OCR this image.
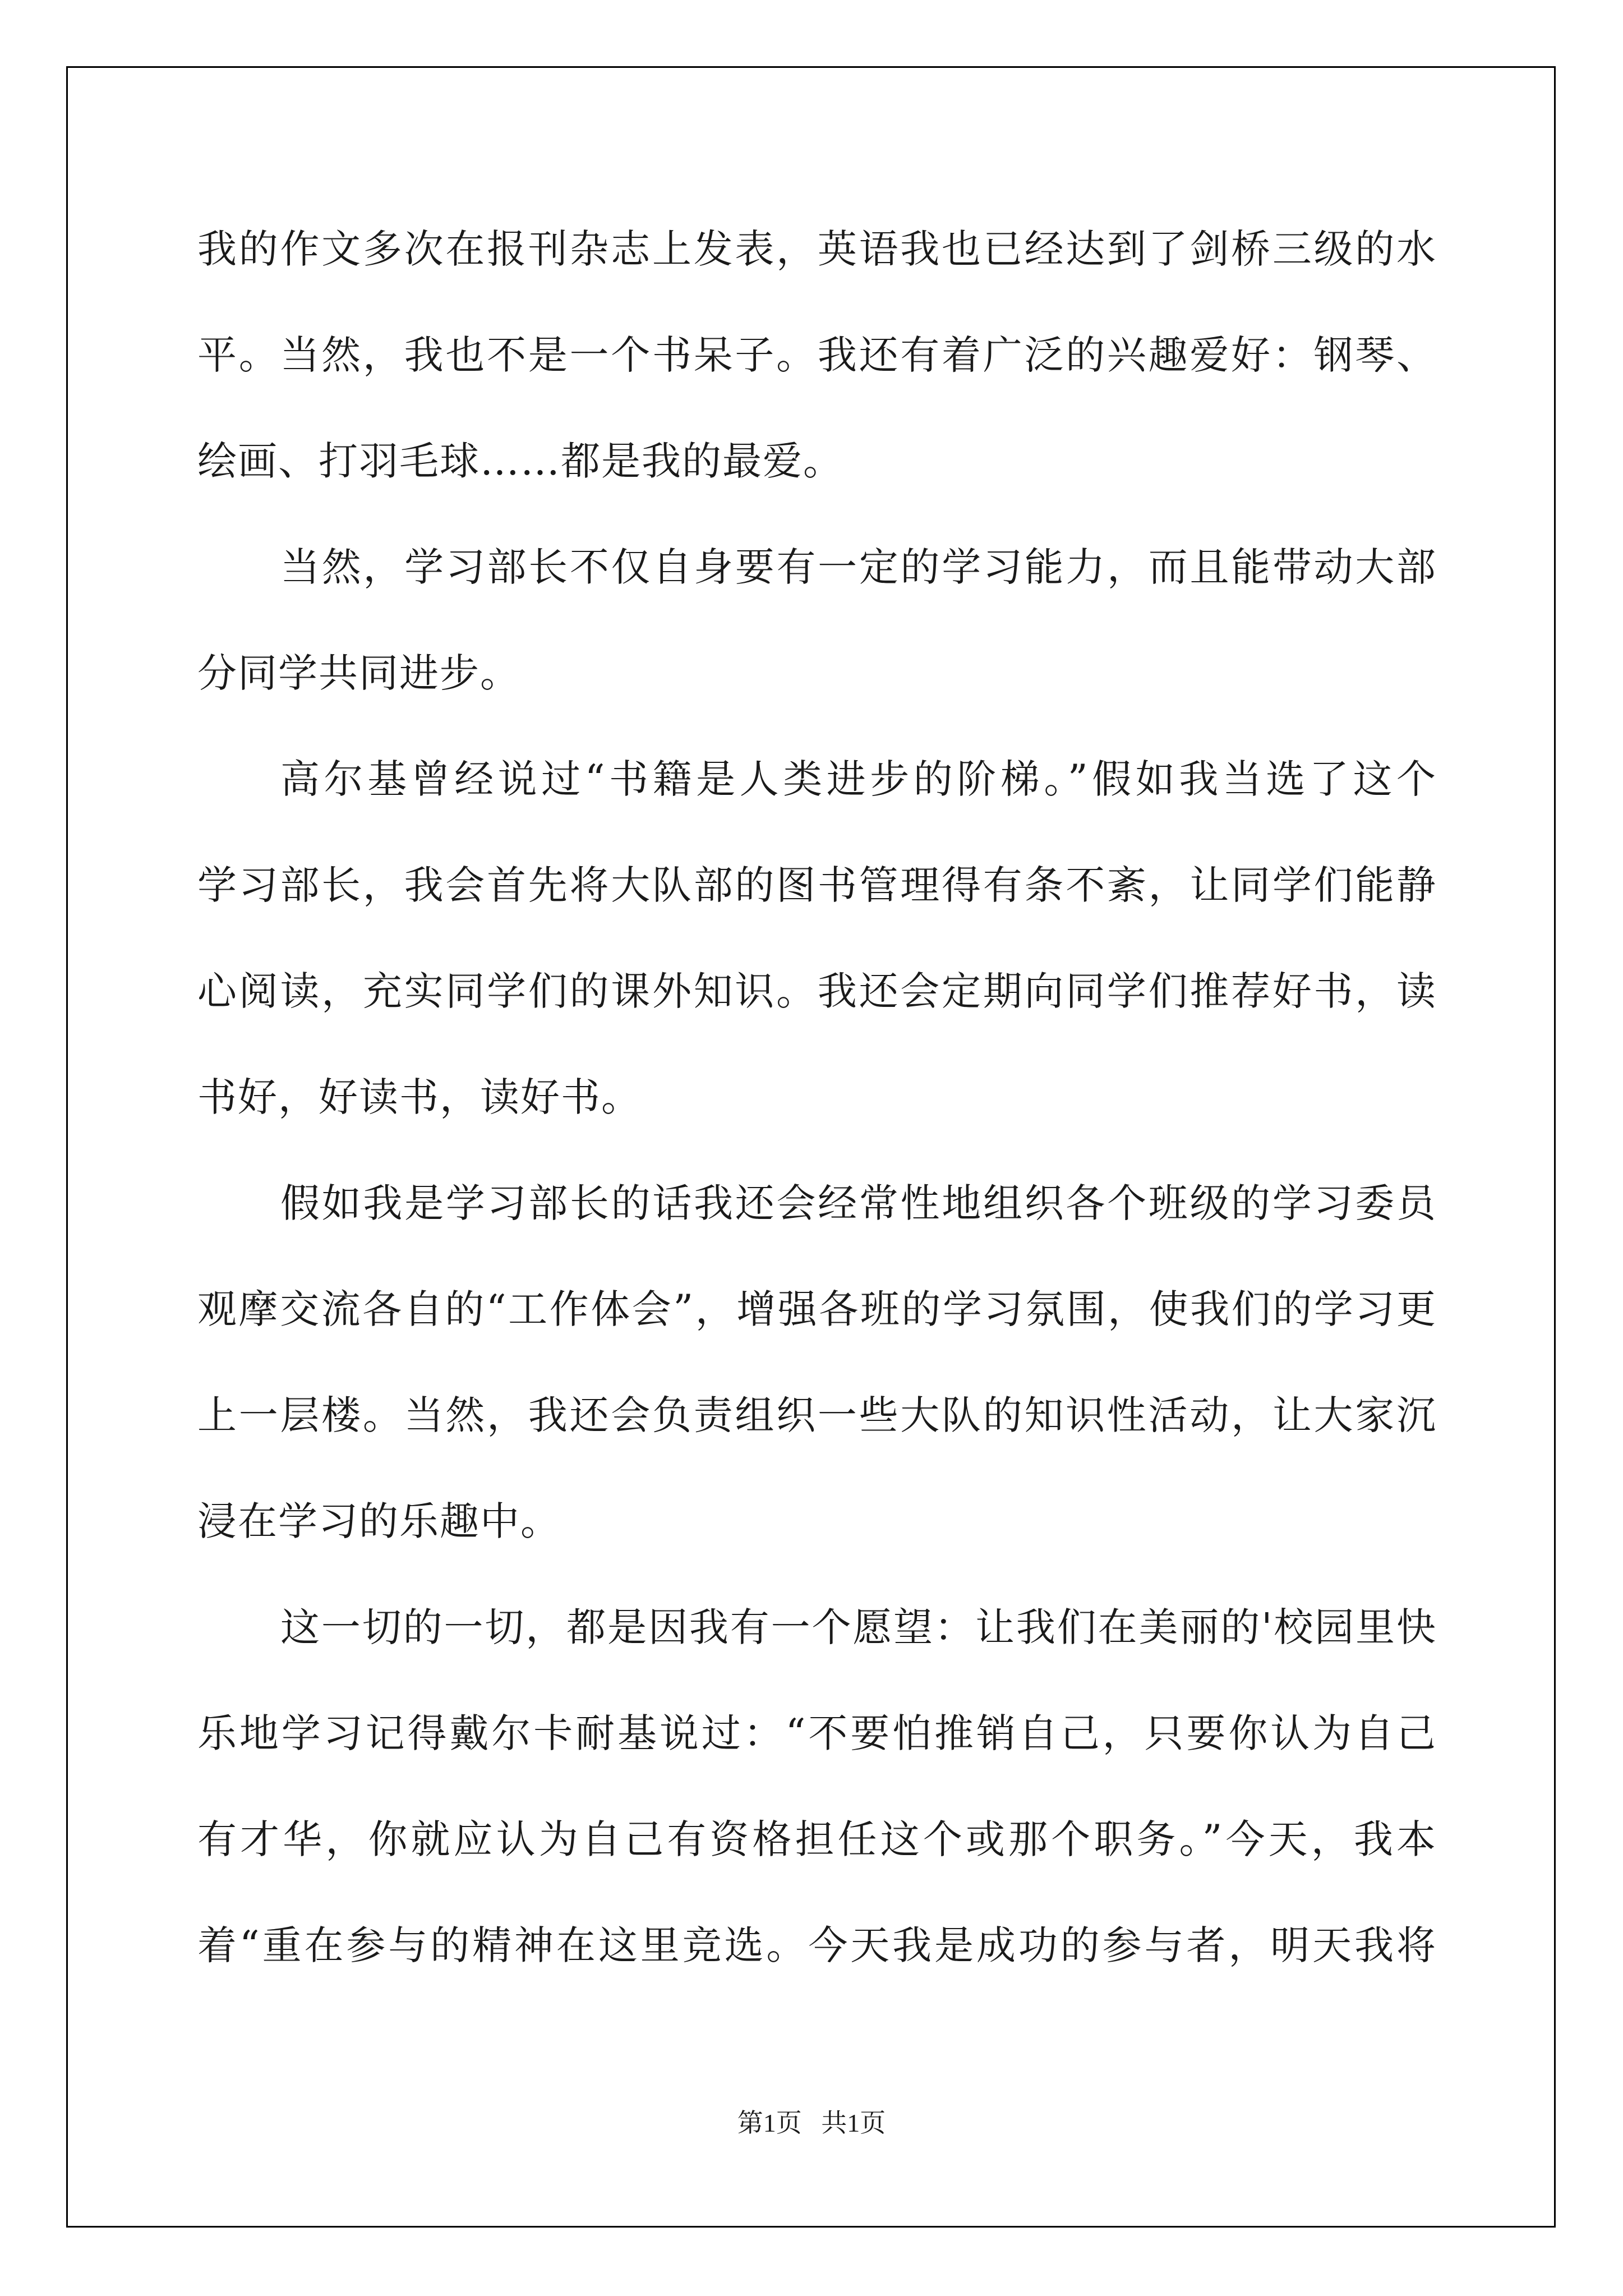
我的作文多次在报刊杂志上发表，英语我也已经达到了剑桥三级的水
平。当然，我也不是一个书呆子。我还有着广泛的兴趣爱好：钢琴、
绘画、打羽毛球……都是我的最爱。
当然，学习部长不仅自身要有一定的学习能力，而且能带动大部
分同学共同进步。
高尔基曾经说过“书籍是人类进步的阶梯。”假如我当选了这个
学习部长，我会首先将大队部的图书管理得有条不紊，让同学们能静
心阅读，充实同学们的课外知识。我还会定期向同学们推荐好书，读
书好，好读书，读好书。
假如我是学习部长的话我还会经常性地组织各个班级的学习委员
观摩交流各自的“工作体会”，增强各班的学习氛围，使我们的学习更
上一层楼。当然，我还会负责组织一些大队的知识性活动，让大家沉
浸在学习的乐趣中。
这一切的一切，都是因我有一个愿望：让我们在美丽的'校园里快
乐地学习记得戴尔卡耐基说过：“不要怕推销自己，只要你认为自己
有才华，你就应认为自己有资格担任这个或那个职务。”今天，我本
着“重在参与的精神在这里竞选。今天我是成功的参与者，明天我将
第1页 共1页
